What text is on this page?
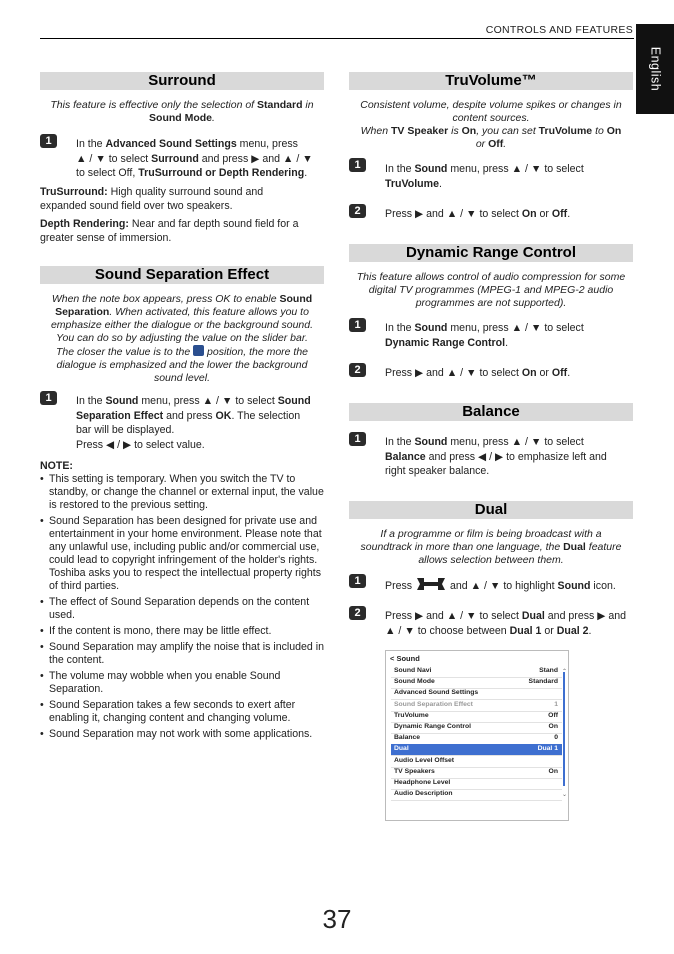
CONTROLS AND FEATURES
English
Surround
This feature is effective only the selection of Standard in
Sound Mode.
1	In the Advanced Sound Settings menu, press
▲ / ▼ to select Surround and press ▶ and ▲ / ▼
to select Off, TruSurround or Depth Rendering.
TruSurround: High quality surround sound and
expanded sound field over two speakers.
Depth Rendering: Near and far depth sound field for a
greater sense of immersion.
Sound Separation Effect
When the note box appears, press OK to enable Sound
Separation. When activated, this feature allows you to
emphasize either the dialogue or the background sound.
You can do so by adjusting the value on the slider bar.
The closer the value is to the  position, the more the
dialogue is emphasized and the lower the background
sound level.
1	In the Sound menu, press ▲ / ▼ to select Sound
Separation Effect and press OK. The selection
bar will be displayed.
Press ◀ / ▶ to select value.
NOTE:
• This setting is temporary. When you switch the TV to standby, or change the channel or external input, the value is restored to the previous setting.
• Sound Separation has been designed for private use and entertainment in your home environment. Please note that any unlawful use, including public and/or commercial use, could lead to copyright infringement of the holder's rights. Toshiba asks you to respect the intellectual property rights of third parties.
• The effect of Sound Separation depends on the content used.
• If the content is mono, there may be little effect.
• Sound Separation may amplify the noise that is included in the content.
• The volume may wobble when you enable Sound Separation.
• Sound Separation takes a few seconds to exert after enabling it, changing content and changing volume.
• Sound Separation may not work with some applications.
TruVolume™
Consistent volume, despite volume spikes or changes in
content sources.
When TV Speaker is On, you can set TruVolume to On
or Off.
1	In the Sound menu, press ▲ / ▼ to select
TruVolume.
2	Press ▶ and ▲ / ▼ to select On or Off.
Dynamic Range Control
This feature allows control of audio compression for some
digital TV programmes (MPEG-1 and MPEG-2 audio
programmes are not supported).
1	In the Sound menu, press ▲ / ▼ to select
Dynamic Range Control.
2	Press ▶ and ▲ / ▼ to select On or Off.
Balance
1	In the Sound menu, press ▲ / ▼ to select
Balance and press ◀ / ▶ to emphasize left and
right speaker balance.
Dual
If a programme or film is being broadcast with a
soundtrack in more than one language, the Dual feature
allows selection between them.
1	Press	and ▲ / ▼ to highlight Sound icon.
2	Press ▶ and ▲ / ▼ to select Dual and press ▶ and
▲ / ▼ to choose between Dual 1 or Dual 2.
< Sound
Sound Navi	Stand
Sound Mode	Standard
Advanced Sound Settings
Sound Separation Effect	1
TruVolume	Off
Dynamic Range Control	On
Balance	0
Dual	Dual 1
Audio Level Offset
TV Speakers	On
Headphone Level
Audio Description
⌃
⌄
37
